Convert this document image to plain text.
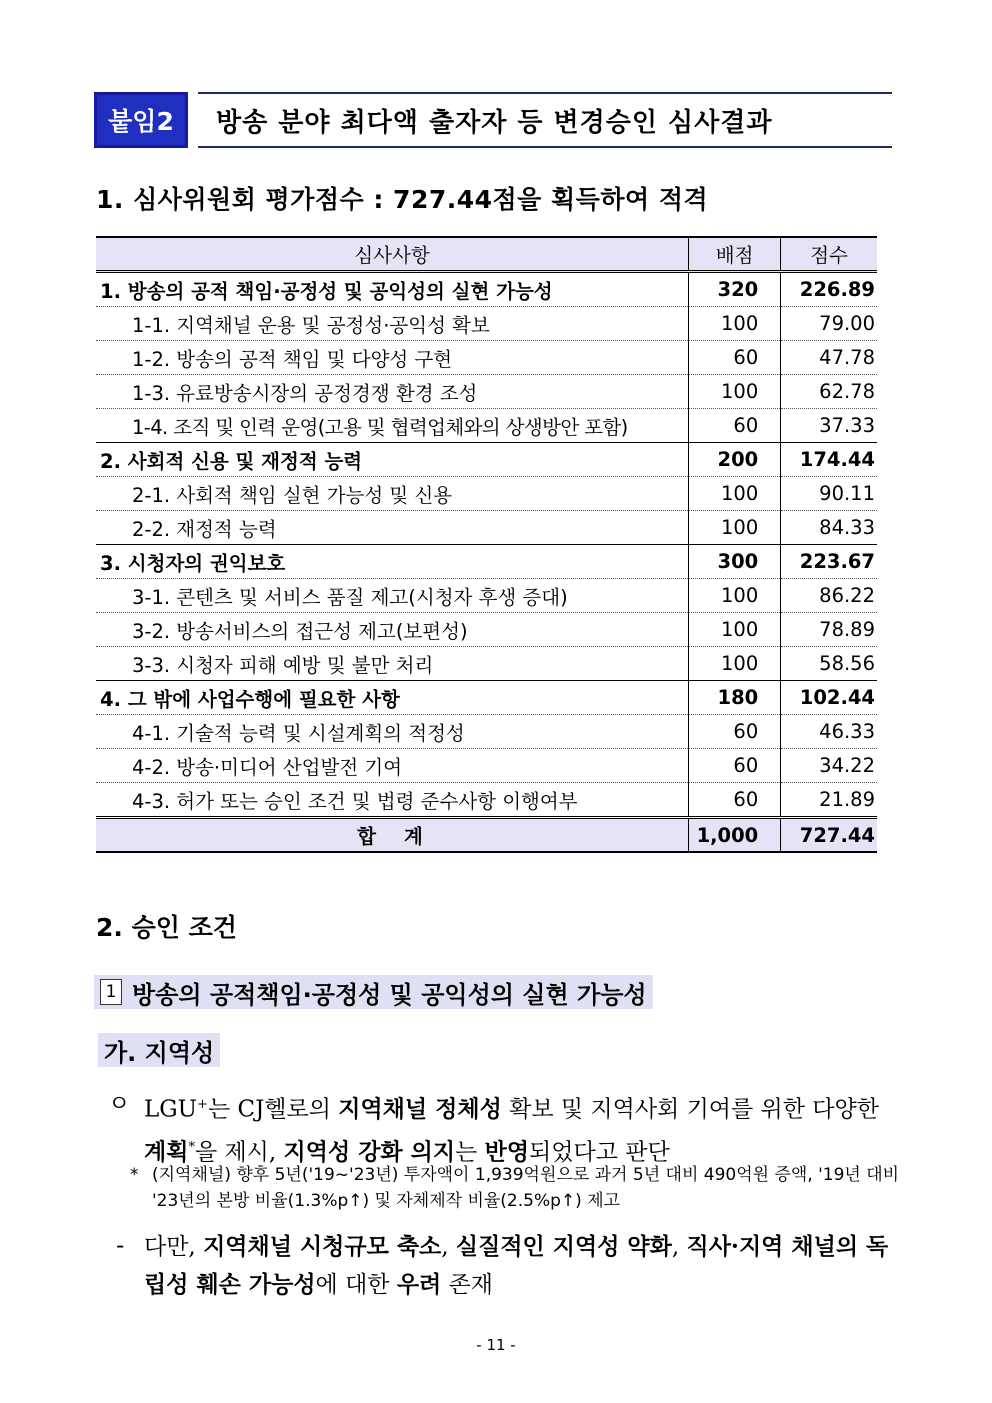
붙임2	방송 분야 최다액 출자자 등 변경승인 심사결과
1. 심사위원회 평가점수 : 727.44점을 획득하여 적격
심사사항	배점	점수
1. 방송의 공적 책임·공정성 및 공익성의 실현 가능성	320	226.89
1-1. 지역채널 운용 및 공정성·공익성 확보	100	79.00
1-2. 방송의 공적 책임 및 다양성 구현	60	47.78
1-3. 유료방송시장의 공정경쟁 환경 조성	100	62.78
1-4. 조직 및 인력 운영(고용 및 협력업체와의 상생방안 포함)	60	37.33
2. 사회적 신용 및 재정적 능력	200	174.44
2-1. 사회적 책임 실현 가능성 및 신용	100	90.11
2-2. 재정적 능력	100	84.33
3. 시청자의 권익보호	300	223.67
3-1. 콘텐츠 및 서비스 품질 제고(시청자 후생 증대)	100	86.22
3-2. 방송서비스의 접근성 제고(보편성)	100	78.89
3-3. 시청자 피해 예방 및 불만 처리	100	58.56
4. 그 밖에 사업수행에 필요한 사항	180	102.44
4-1. 기술적 능력 및 시설계획의 적정성	60	46.33
4-2. 방송·미디어 산업발전 기여	60	34.22
4-3. 허가 또는 승인 조건 및 법령 준수사항 이행여부	60	21.89
합계	1,000	727.44
2. 승인 조건
1 방송의 공적책임·공정성 및 공익성의 실현 가능성
가. 지역성
ㅇ LGU+는 CJ헬로의 지역채널 정체성 확보 및 지역사회 기여를 위한 다양한 계획*을 제시, 지역성 강화 의지는 반영되었다고 판단
* (지역채널) 향후 5년('19~'23년) 투자액이 1,939억원으로 과거 5년 대비 490억원 증액, '19년 대비 '23년의 본방 비율(1.3%p↑) 및 자체제작 비율(2.5%p↑) 제고
- 다만, 지역채널 시청규모 축소, 실질적인 지역성 약화, 직사·지역 채널의 독립성 훼손 가능성에 대한 우려 존재
- 11 -
